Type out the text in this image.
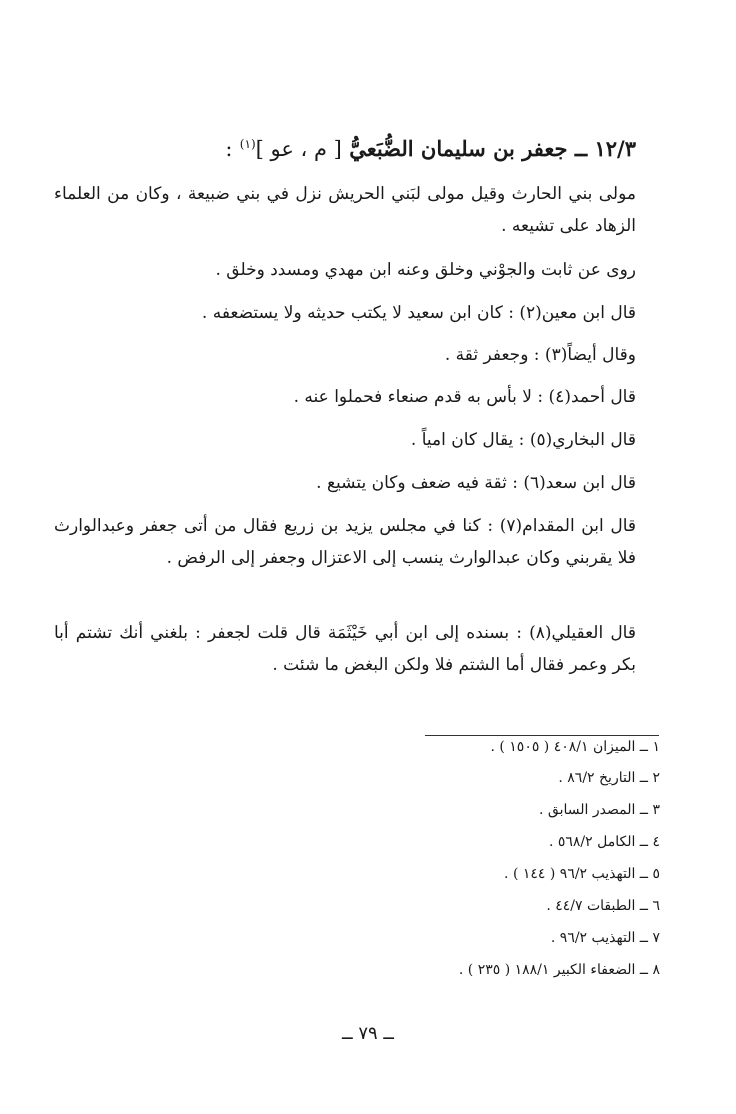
١٢/٣ ــ جعفر بن سليمان الضُّبَعيُّ [ م ، عو ]$^{(١)}$ :
مولى بني الحارث وقيل مولى لبَني الحريش نزل في بني ضبيعة ، وكان من العلماء الزهاد على تشيعه .
روى عن ثابت والجوْني وخلق وعنه ابن مهدي ومسدد وخلق .
قال ابن معين(٢) : كان ابن سعيد لا يكتب حديثه ولا يستضعفه .
وقال أيضاً(٣) : وجعفر ثقة .
قال أحمد(٤) : لا بأس به قدم صنعاء فحملوا عنه .
قال البخاري(٥) : يقال كان امياً .
قال ابن سعد(٦) : ثقة فيه ضعف وكان يتشيع .
قال ابن المقدام(٧) : كنا في مجلس يزيد بن زريع فقال من أتى جعفر وعبدالوارث فلا يقربني وكان عبدالوارث ينسب إلى الاعتزال وجعفر إلى الرفض .
قال العقيلي(٨) : بسنده إلى ابن أبي خَيْثَمَة قال قلت لجعفر : بلغني أنك تشتم أبا بكر وعمر فقال أما الشتم فلا ولكن البغض ما شئت .
١ ــ الميزان ٤٠٨/١ ( ١٥٠٥ ) .
٢ ــ التاريخ ٨٦/٢ .
٣ ــ المصدر السابق .
٤ ــ الكامل ٥٦٨/٢ .
٥ ــ التهذيب ٩٦/٢ ( ١٤٤ ) .
٦ ــ الطبقات ٤٤/٧ .
٧ ــ التهذيب ٩٦/٢ .
٨ ــ الضعفاء الكبير ١٨٨/١ ( ٢٣٥ ) .
ــ ٧٩ ــ
